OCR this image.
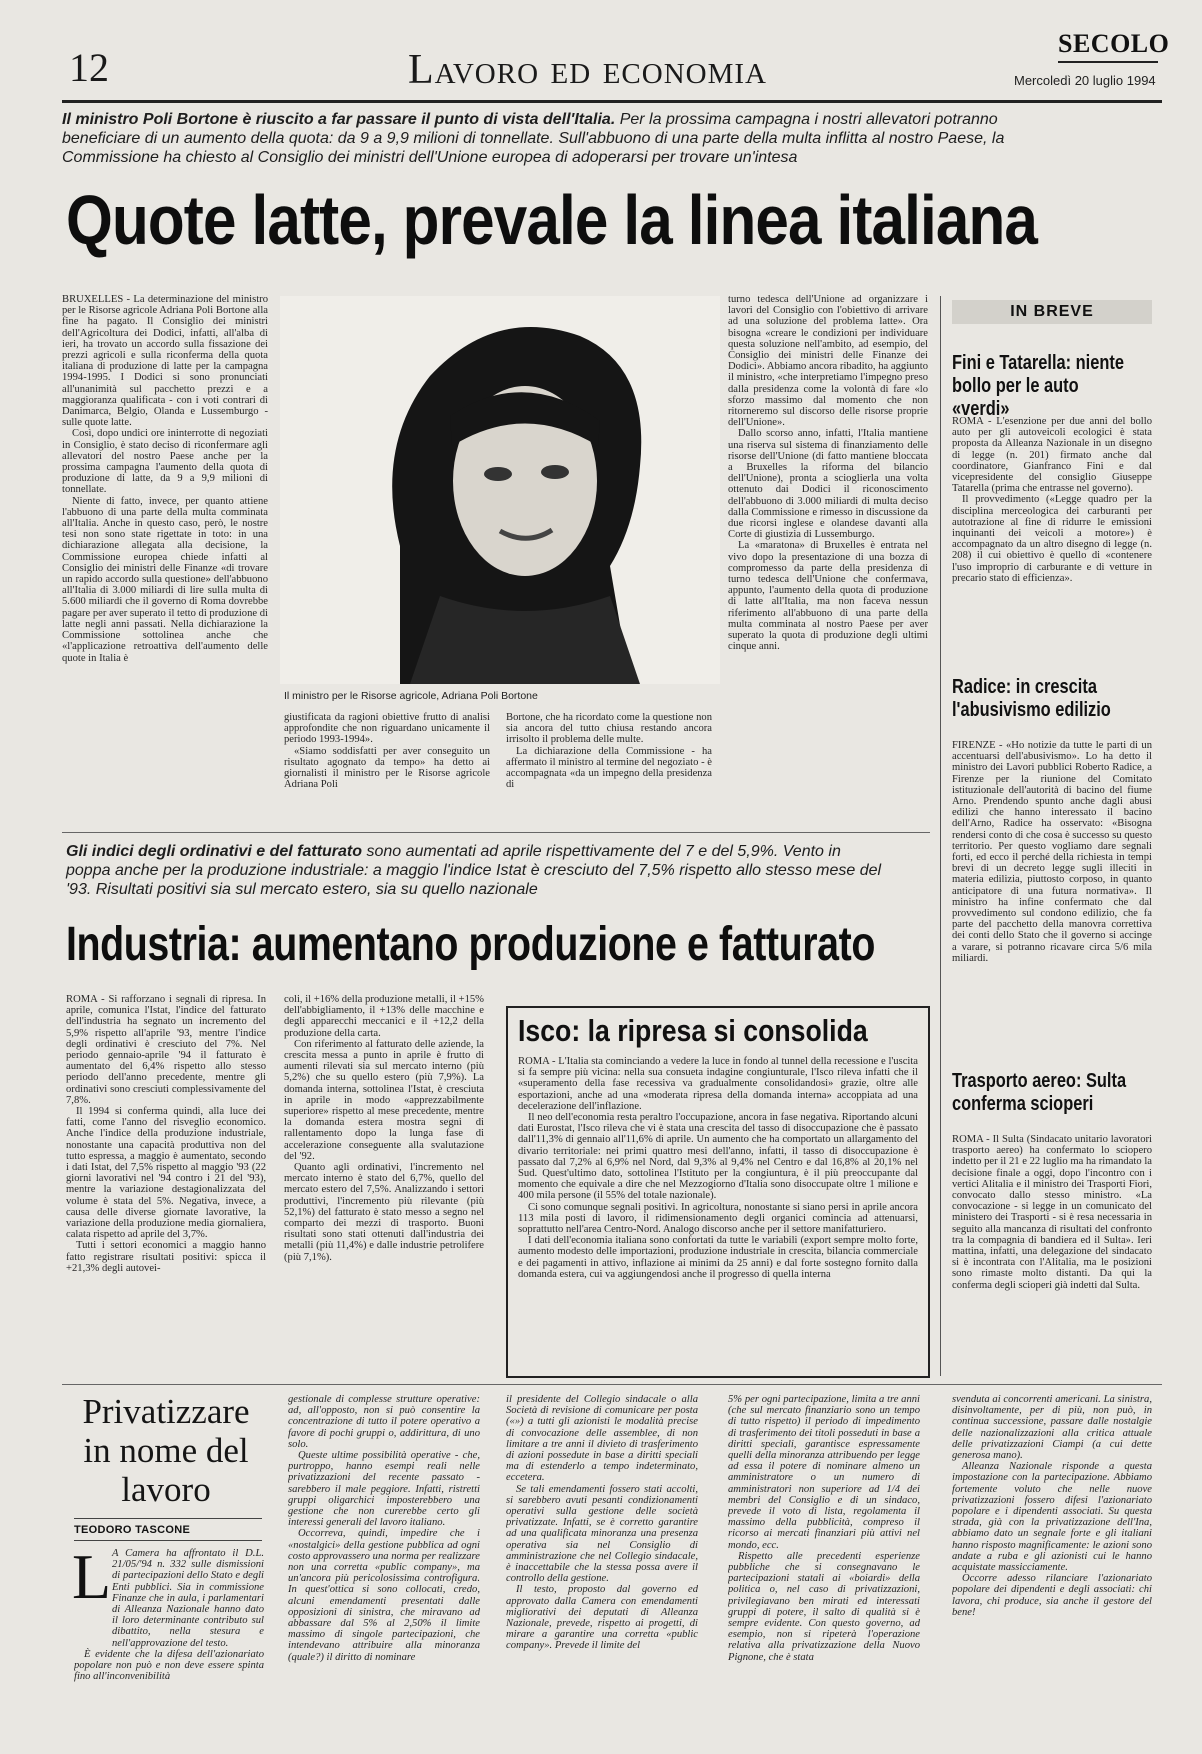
12	Lavoro ed economia
SECOLO
Mercoledì 20 luglio 1994
Il ministro Poli Bortone è riuscito a far passare il punto di vista dell'Italia. Per la prossima campagna i nostri allevatori potranno beneficiare di un aumento della quota: da 9 a 9,9 milioni di tonnellate. Sull'abbuono di una parte della multa inflitta al nostro Paese, la Commissione ha chiesto al Consiglio dei ministri dell'Unione europea di adoperarsi per trovare un'intesa
Quote latte, prevale la linea italiana

BRUXELLES - La determinazione del ministro per le Risorse agricole Adriana Poli Bortone alla fine ha pagato. Il Consiglio dei ministri dell'Agricoltura dei Dodici, infatti, all'alba di ieri, ha trovato un accordo sulla fissazione dei prezzi agricoli e sulla riconferma della quota italiana di produzione di latte per la campagna 1994-1995. I Dodici si sono pronunciati all'unanimità sul pacchetto prezzi e a maggioranza qualificata - con i voti contrari di Danimarca, Belgio, Olanda e Lussemburgo - sulle quote latte.

Così, dopo undici ore ininterrotte di negoziati in Consiglio, è stato deciso di riconfermare agli allevatori del nostro Paese anche per la prossima campagna l'aumento della quota di produzione di latte, da 9 a 9,9 milioni di tonnellate.

Niente di fatto, invece, per quanto attiene l'abbuono di una parte della multa comminata all'Italia. Anche in questo caso, però, le nostre tesi non sono state rigettate in toto: in una dichiarazione allegata alla decisione, la Commissione europea chiede infatti al Consiglio dei ministri delle Finanze «di trovare un rapido accordo sulla questione» dell'abbuono all'Italia di 3.000 miliardi di lire sulla multa di 5.600 miliardi che il governo di Roma dovrebbe pagare per aver superato il tetto di produzione di latte negli anni passati. Nella dichiarazione la Commissione sottolinea anche che «l'applicazione retroattiva dell'aumento delle quote in Italia è

Il ministro per le Risorse agricole, Adriana Poli Bortone

giustificata da ragioni obiettive frutto di analisi approfondite che non riguardano unicamente il periodo 1993-1994».

«Siamo soddisfatti per aver conseguito un risultato agognato da tempo» ha detto ai giornalisti il ministro per le Risorse agricole Adriana Poli

Bortone, che ha ricordato come la questione non sia ancora del tutto chiusa restando ancora irrisolto il problema delle multe.

La dichiarazione della Commissione - ha affermato il ministro al termine del negoziato - è accompagnata «da un impegno della presidenza di

turno tedesca dell'Unione ad organizzare i lavori del Consiglio con l'obiettivo di arrivare ad una soluzione del problema latte». Ora bisogna «creare le condizioni per individuare questa soluzione nell'ambito, ad esempio, del Consiglio dei ministri delle Finanze dei Dodici». Abbiamo ancora ribadito, ha aggiunto il ministro, «che interpretiamo l'impegno preso dalla presidenza come la volontà di fare «lo sforzo massimo dal momento che non ritorneremo sul discorso delle risorse proprie dell'Unione».

Dallo scorso anno, infatti, l'Italia mantiene una riserva sul sistema di finanziamento delle risorse dell'Unione (di fatto mantiene bloccata a Bruxelles la riforma del bilancio dell'Unione), pronta a scioglierla una volta ottenuto dai Dodici il riconoscimento dell'abbuono di 3.000 miliardi di multa deciso dalla Commissione e rimesso in discussione da due ricorsi inglese e olandese davanti alla Corte di giustizia di Lussemburgo.

La «maratona» di Bruxelles è entrata nel vivo dopo la presentazione di una bozza di compromesso da parte della presidenza di turno tedesca dell'Unione che confermava, appunto, l'aumento della quota di produzione di latte all'Italia, ma non faceva nessun riferimento all'abbuono di una parte della multa comminata al nostro Paese per aver superato la quota di produzione degli ultimi cinque anni.

IN BREVE
Fini e Tatarella: niente bollo per le auto «verdi»

ROMA - L'esenzione per due anni del bollo auto per gli autoveicoli ecologici è stata proposta da Alleanza Nazionale in un disegno di legge (n. 201) firmato anche dal coordinatore, Gianfranco Fini e dal vicepresidente del consiglio Giuseppe Tatarella (prima che entrasse nel governo).

Il provvedimento («Legge quadro per la disciplina merceologica dei carburanti per autotrazione al fine di ridurre le emissioni inquinanti dei veicoli a motore») è accompagnato da un altro disegno di legge (n. 208) il cui obiettivo è quello di «contenere l'uso improprio di carburante e di vetture in precario stato di efficienza».

Radice: in crescita l'abusivismo edilizio

FIRENZE - «Ho notizie da tutte le parti di un accentuarsi dell'abusivismo». Lo ha detto il ministro dei Lavori pubblici Roberto Radice, a Firenze per la riunione del Comitato istituzionale dell'autorità di bacino del fiume Arno. Prendendo spunto anche dagli abusi edilizi che hanno interessato il bacino dell'Arno, Radice ha osservato: «Bisogna rendersi conto di che cosa è successo su questo territorio. Per questo vogliamo dare segnali forti, ed ecco il perché della richiesta in tempi brevi di un decreto legge sugli illeciti in materia edilizia, piuttosto corposo, in quanto anticipatore di una futura normativa». Il ministro ha infine confermato che dal provvedimento sul condono edilizio, che fa parte del pacchetto della manovra correttiva dei conti dello Stato che il governo si accinge a varare, si potranno ricavare circa 5/6 mila miliardi.

Trasporto aereo: Sulta conferma scioperi

ROMA - Il Sulta (Sindacato unitario lavoratori trasporto aereo) ha confermato lo sciopero indetto per il 21 e 22 luglio ma ha rimandato la decisione finale a oggi, dopo l'incontro con i vertici Alitalia e il ministro dei Trasporti Fiori, convocato dallo stesso ministro. «La convocazione - si legge in un comunicato del ministero dei Trasporti - si è resa necessaria in seguito alla mancanza di risultati del confronto tra la compagnia di bandiera ed il Sulta». Ieri mattina, infatti, una delegazione del sindacato si è incontrata con l'Alitalia, ma le posizioni sono rimaste molto distanti. Da qui la conferma degli scioperi già indetti dal Sulta.

Gli indici degli ordinativi e del fatturato sono aumentati ad aprile rispettivamente del 7 e del 5,9%. Vento in poppa anche per la produzione industriale: a maggio l'indice Istat è cresciuto del 7,5% rispetto allo stesso mese del '93. Risultati positivi sia sul mercato estero, sia su quello nazionale
Industria: aumentano produzione e fatturato

ROMA - Si rafforzano i segnali di ripresa. In aprile, comunica l'Istat, l'indice del fatturato dell'industria ha segnato un incremento del 5,9% rispetto all'aprile '93, mentre l'indice degli ordinativi è cresciuto del 7%. Nel periodo gennaio-aprile '94 il fatturato è aumentato del 6,4% rispetto allo stesso periodo dell'anno precedente, mentre gli ordinativi sono cresciuti complessivamente del 7,8%.

Il 1994 si conferma quindi, alla luce dei fatti, come l'anno del risveglio economico. Anche l'indice della produzione industriale, nonostante una capacità produttiva non del tutto espressa, a maggio è aumentato, secondo i dati Istat, del 7,5% rispetto al maggio '93 (22 giorni lavorativi nel '94 contro i 21 del '93), mentre la variazione destagionalizzata del volume è stata del 5%. Negativa, invece, a causa delle diverse giornate lavorative, la variazione della produzione media giornaliera, calata rispetto ad aprile del 3,7%.

Tutti i settori economici a maggio hanno fatto registrare risultati positivi: spicca il +21,3% degli autovei-

coli, il +16% della produzione metalli, il +15% dell'abbigliamento, il +13% delle macchine e degli apparecchi meccanici e il +12,2 della produzione della carta.

Con riferimento al fatturato delle aziende, la crescita messa a punto in aprile è frutto di aumenti rilevati sia sul mercato interno (più 5,2%) che su quello estero (più 7,9%). La domanda interna, sottolinea l'Istat, è cresciuta in aprile in modo «apprezzabilmente superiore» rispetto al mese precedente, mentre la domanda estera mostra segni di rallentamento dopo la lunga fase di accelerazione conseguente alla svalutazione del '92.

Quanto agli ordinativi, l'incremento nel mercato interno è stato del 6,7%, quello del mercato estero del 7,5%. Analizzando i settori produttivi, l'incremento più rilevante (più 52,1%) del fatturato è stato messo a segno nel comparto dei mezzi di trasporto. Buoni risultati sono stati ottenuti dall'industria dei metalli (più 11,4%) e dalle industrie petrolifere (più 7,1%).

Isco: la ripresa si consolida

ROMA - L'Italia sta cominciando a vedere la luce in fondo al tunnel della recessione e l'uscita si fa sempre più vicina: nella sua consueta indagine congiunturale, l'Isco rileva infatti che il «superamento della fase recessiva va gradualmente consolidandosi» grazie, oltre alle esportazioni, anche ad una «moderata ripresa della domanda interna» accoppiata ad una decelerazione dell'inflazione.

Il neo dell'economia resta peraltro l'occupazione, ancora in fase negativa. Riportando alcuni dati Eurostat, l'Isco rileva che vi è stata una crescita del tasso di disoccupazione che è passato dall'11,3% di gennaio all'11,6% di aprile. Un aumento che ha comportato un allargamento del divario territoriale: nei primi quattro mesi dell'anno, infatti, il tasso di disoccupazione è passato dal 7,2% al 6,9% nel Nord, dal 9,3% al 9,4% nel Centro e dal 16,8% al 20,1% nel Sud. Quest'ultimo dato, sottolinea l'Istituto per la congiuntura, è il più preoccupante dal momento che equivale a dire che nel Mezzogiorno d'Italia sono disoccupate oltre 1 milione e 400 mila persone (il 55% del totale nazionale).

Ci sono comunque segnali positivi. In agricoltura, nonostante si siano persi in aprile ancora 113 mila posti di lavoro, il ridimensionamento degli organici comincia ad attenuarsi, soprattutto nell'area Centro-Nord. Analogo discorso anche per il settore manifatturiero.

I dati dell'economia italiana sono confortati da tutte le variabili (export sempre molto forte, aumento modesto delle importazioni, produzione industriale in crescita, bilancia commerciale e dei pagamenti in attivo, inflazione ai minimi da 25 anni) e dal forte sostegno fornito dalla domanda estera, cui va aggiungendosi anche il progresso di quella interna

Privatizzare in nome del lavoro
TEODORO TASCONE
L A Camera ha affrontato il D.L. 21/05/'94 n. 332 sulle dismissioni di partecipazioni dello Stato e degli Enti pubblici. Sia in commissione Finanze che in aula, i parlamentari di Alleanza Nazionale hanno dato il loro determinante contributo sul dibattito, nella stesura e nell'approvazione del testo.

È evidente che la difesa dell'azionariato popolare non può e non deve essere spinta fino all'inconvenibilità

gestionale di complesse strutture operative: ad, all'opposto, non si può consentire la concentrazione di tutto il potere operativo a favore di pochi gruppi o, addirittura, di uno solo.

Queste ultime possibilità operative - che, purtroppo, hanno esempi reali nelle privatizzazioni del recente passato - sarebbero il male peggiore. Infatti, ristretti gruppi oligarchici imposterebbero una gestione che non curerebbe certo gli interessi generali del lavoro italiano.

Occorreva, quindi, impedire che i «nostalgici» della gestione pubblica ad ogni costo approvassero una norma per realizzare non una corretta «public company», ma un'ancora più pericolosissima controfigura. In quest'ottica si sono collocati, credo, alcuni emendamenti presentati dalle opposizioni di sinistra, che miravano ad abbassare dal 5% al 2,50% il limite massimo di singole partecipazioni, che intendevano attribuire alla minoranza (quale?) il diritto di nominare

il presidente del Collegio sindacale o alla Società di revisione di comunicare per posta («») a tutti gli azionisti le modalità precise di convocazione delle assemblee, di non limitare a tre anni il divieto di trasferimento di azioni possedute in base a diritti speciali ma di estenderlo a tempo indeterminato, eccetera.

Se tali emendamenti fossero stati accolti, si sarebbero avuti pesanti condizionamenti operativi sulla gestione delle società privatizzate. Infatti, se è corretto garantire ad una qualificata minoranza una presenza operativa sia nel Consiglio di amministrazione che nel Collegio sindacale, è inaccettabile che la stessa possa avere il controllo della gestione.

Il testo, proposto dal governo ed approvato dalla Camera con emendamenti migliorativi dei deputati di Alleanza Nazionale, prevede, rispetto ai progetti, di mirare a garantire una corretta «public company». Prevede il limite del

5% per ogni partecipazione, limita a tre anni (che sul mercato finanziario sono un tempo di tutto rispetto) il periodo di impedimento di trasferimento dei titoli posseduti in base a diritti speciali, garantisce espressamente quelli della minoranza attribuendo per legge ad essa il potere di nominare almeno un amministratore o un numero di amministratori non superiore ad 1/4 dei membri del Consiglio e di un sindaco, prevede il voto di lista, regolamenta il massimo della pubblicità, compreso il ricorso ai mercati finanziari più attivi nel mondo, ecc.

Rispetto alle precedenti esperienze pubbliche che si consegnavano le partecipazioni statali ai «boiardi» della politica o, nel caso di privatizzazioni, privilegiavano ben mirati ed interessati gruppi di potere, il salto di qualità si è sempre evidente. Con questo governo, ad esempio, non si ripeterà l'operazione relativa alla privatizzazione della Nuovo Pignone, che è stata

svenduta ai concorrenti americani. La sinistra, disinvoltamente, per di più, non può, in continua successione, passare dalle nostalgie delle nazionalizzazioni alla critica attuale delle privatizzazioni Ciampi (a cui dette generosa mano).

Alleanza Nazionale risponde a questa impostazione con la partecipazione. Abbiamo fortemente voluto che nelle nuove privatizzazioni fossero difesi l'azionariato popolare e i dipendenti associati. Su questa strada, già con la privatizzazione dell'Ina, abbiamo dato un segnale forte e gli italiani hanno risposto magnificamente: le azioni sono andate a ruba e gli azionisti cui le hanno acquistate massicciamente.

Occorre adesso rilanciare l'azionariato popolare dei dipendenti e degli associati: chi lavora, chi produce, sia anche il gestore del bene!
